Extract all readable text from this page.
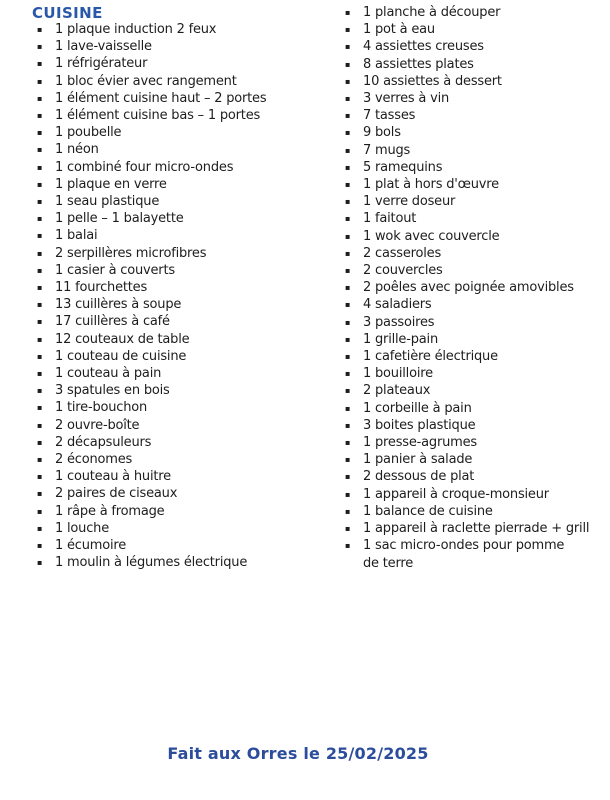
CUISINE
▪ 1 plaque induction 2 feux
▪ 1 lave-vaisselle
▪ 1 réfrigérateur
▪ 1 bloc évier avec rangement
▪ 1 élément cuisine haut – 2 portes
▪ 1 élément cuisine bas – 1 portes
▪ 1 poubelle
▪ 1 néon
▪ 1 combiné four micro-ondes
▪ 1 plaque en verre
▪ 1 seau plastique
▪ 1 pelle – 1 balayette
▪ 1 balai
▪ 2 serpillères microfibres
▪ 1 casier à couverts
▪ 11 fourchettes
▪ 13 cuillères à soupe
▪ 17 cuillères à café
▪ 12 couteaux de table
▪ 1 couteau de cuisine
▪ 1 couteau à pain
▪ 3 spatules en bois
▪ 1 tire-bouchon
▪ 2 ouvre-boîte
▪ 2 décapsuleurs
▪ 2 économes
▪ 1 couteau à huitre
▪ 2 paires de ciseaux
▪ 1 râpe à fromage
▪ 1 louche
▪ 1 écumoire
▪ 1 moulin à légumes électrique
▪ 1 planche à découper
▪ 1 pot à eau
▪ 4 assiettes creuses
▪ 8 assiettes plates
▪ 10 assiettes à dessert
▪ 3 verres à vin
▪ 7 tasses
▪ 9 bols
▪ 7 mugs
▪ 5 ramequins
▪ 1 plat à hors d'œuvre
▪ 1 verre doseur
▪ 1 faitout
▪ 1 wok avec couvercle
▪ 2 casseroles
▪ 2 couvercles
▪ 2 poêles avec poignée amovibles
▪ 4 saladiers
▪ 3 passoires
▪ 1 grille-pain
▪ 1 cafetière électrique
▪ 1 bouilloire
▪ 2 plateaux
▪ 1 corbeille à pain
▪ 3 boites plastique
▪ 1 presse-agrumes
▪ 1 panier à salade
▪ 2 dessous de plat
▪ 1 appareil à croque-monsieur
▪ 1 balance de cuisine
▪ 1 appareil à raclette pierrade + grill
▪ 1 sac micro-ondes pour pomme de terre
Fait aux Orres le 25/02/2025
